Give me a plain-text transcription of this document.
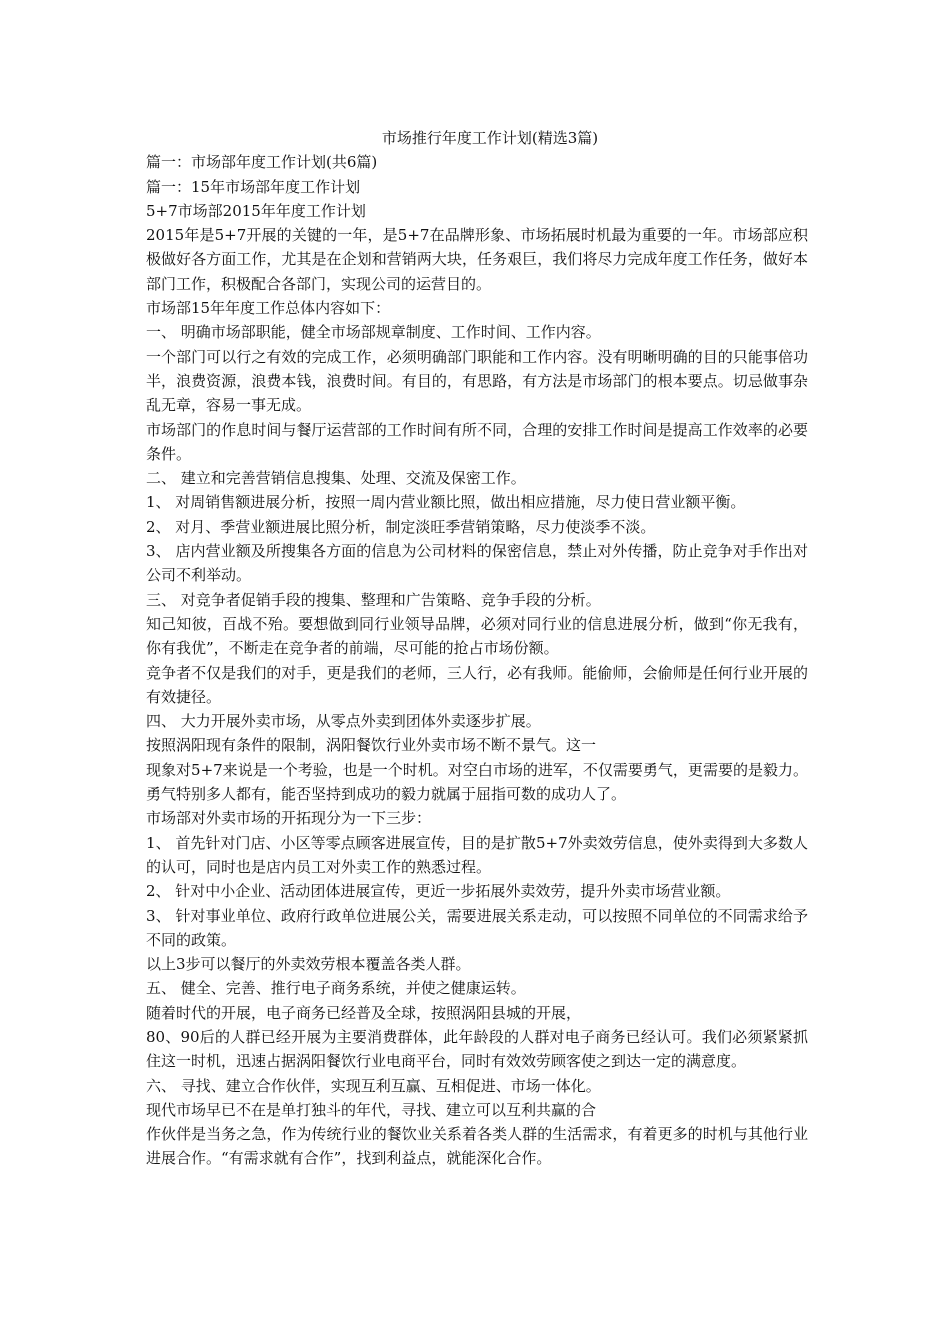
市场推行年度工作计划(精选3篇)

篇一：市场部年度工作计划(共6篇)

篇一：15年市场部年度工作计划

5+7市场部2015年年度工作计划

2015年是5+7开展的关键的一年，是5+7在品牌形象、市场拓展时机最为重要的一年。市场部应积极做好各方面工作，尤其是在企划和营销两大块，任务艰巨，我们将尽力完成年度工作任务，做好本部门工作，积极配合各部门，实现公司的运营目的。

市场部15年年度工作总体内容如下：

一、 明确市场部职能，健全市场部规章制度、工作时间、工作内容。

一个部门可以行之有效的完成工作，必须明确部门职能和工作内容。没有明晰明确的目的只能事倍功半，浪费资源，浪费本钱，浪费时间。有目的，有思路，有方法是市场部门的根本要点。切忌做事杂乱无章，容易一事无成。

市场部门的作息时间与餐厅运营部的工作时间有所不同，合理的安排工作时间是提高工作效率的必要条件。

二、 建立和完善营销信息搜集、处理、交流及保密工作。

1、 对周销售额进展分析，按照一周内营业额比照，做出相应措施，尽力使日营业额平衡。

2、 对月、季营业额进展比照分析，制定淡旺季营销策略，尽力使淡季不淡。

3、 店内营业额及所搜集各方面的信息为公司材料的保密信息，禁止对外传播，防止竞争对手作出对公司不利举动。

三、 对竞争者促销手段的搜集、整理和广告策略、竞争手段的分析。

知己知彼，百战不殆。要想做到同行业领导品牌，必须对同行业的信息进展分析，做到“你无我有，你有我优”，不断走在竞争者的前端，尽可能的抢占市场份额。

竞争者不仅是我们的对手，更是我们的老师，三人行，必有我师。能偷师，会偷师是任何行业开展的有效捷径。

四、 大力开展外卖市场，从零点外卖到团体外卖逐步扩展。

按照涡阳现有条件的限制，涡阳餐饮行业外卖市场不断不景气。这一

现象对5+7来说是一个考验，也是一个时机。对空白市场的进军，不仅需要勇气，更需要的是毅力。勇气特别多人都有，能否坚持到成功的毅力就属于屈指可数的成功人了。

市场部对外卖市场的开拓现分为一下三步：

1、 首先针对门店、小区等零点顾客进展宣传，目的是扩散5+7外卖效劳信息，使外卖得到大多数人的认可，同时也是店内员工对外卖工作的熟悉过程。

2、 针对中小企业、活动团体进展宣传，更近一步拓展外卖效劳，提升外卖市场营业额。

3、 针对事业单位、政府行政单位进展公关，需要进展关系走动，可以按照不同单位的不同需求给予不同的政策。

以上3步可以餐厅的外卖效劳根本覆盖各类人群。

五、 健全、完善、推行电子商务系统，并使之健康运转。

随着时代的开展，电子商务已经普及全球，按照涡阳县城的开展，

80、90后的人群已经开展为主要消费群体，此年龄段的人群对电子商务已经认可。我们必须紧紧抓住这一时机，迅速占据涡阳餐饮行业电商平台，同时有效效劳顾客使之到达一定的满意度。

六、 寻找、建立合作伙伴，实现互利互赢、互相促进、市场一体化。

现代市场早已不在是单打独斗的年代，寻找、建立可以互利共赢的合

作伙伴是当务之急，作为传统行业的餐饮业关系着各类人群的生活需求，有着更多的时机与其他行业进展合作。“有需求就有合作”，找到利益点，就能深化合作。
